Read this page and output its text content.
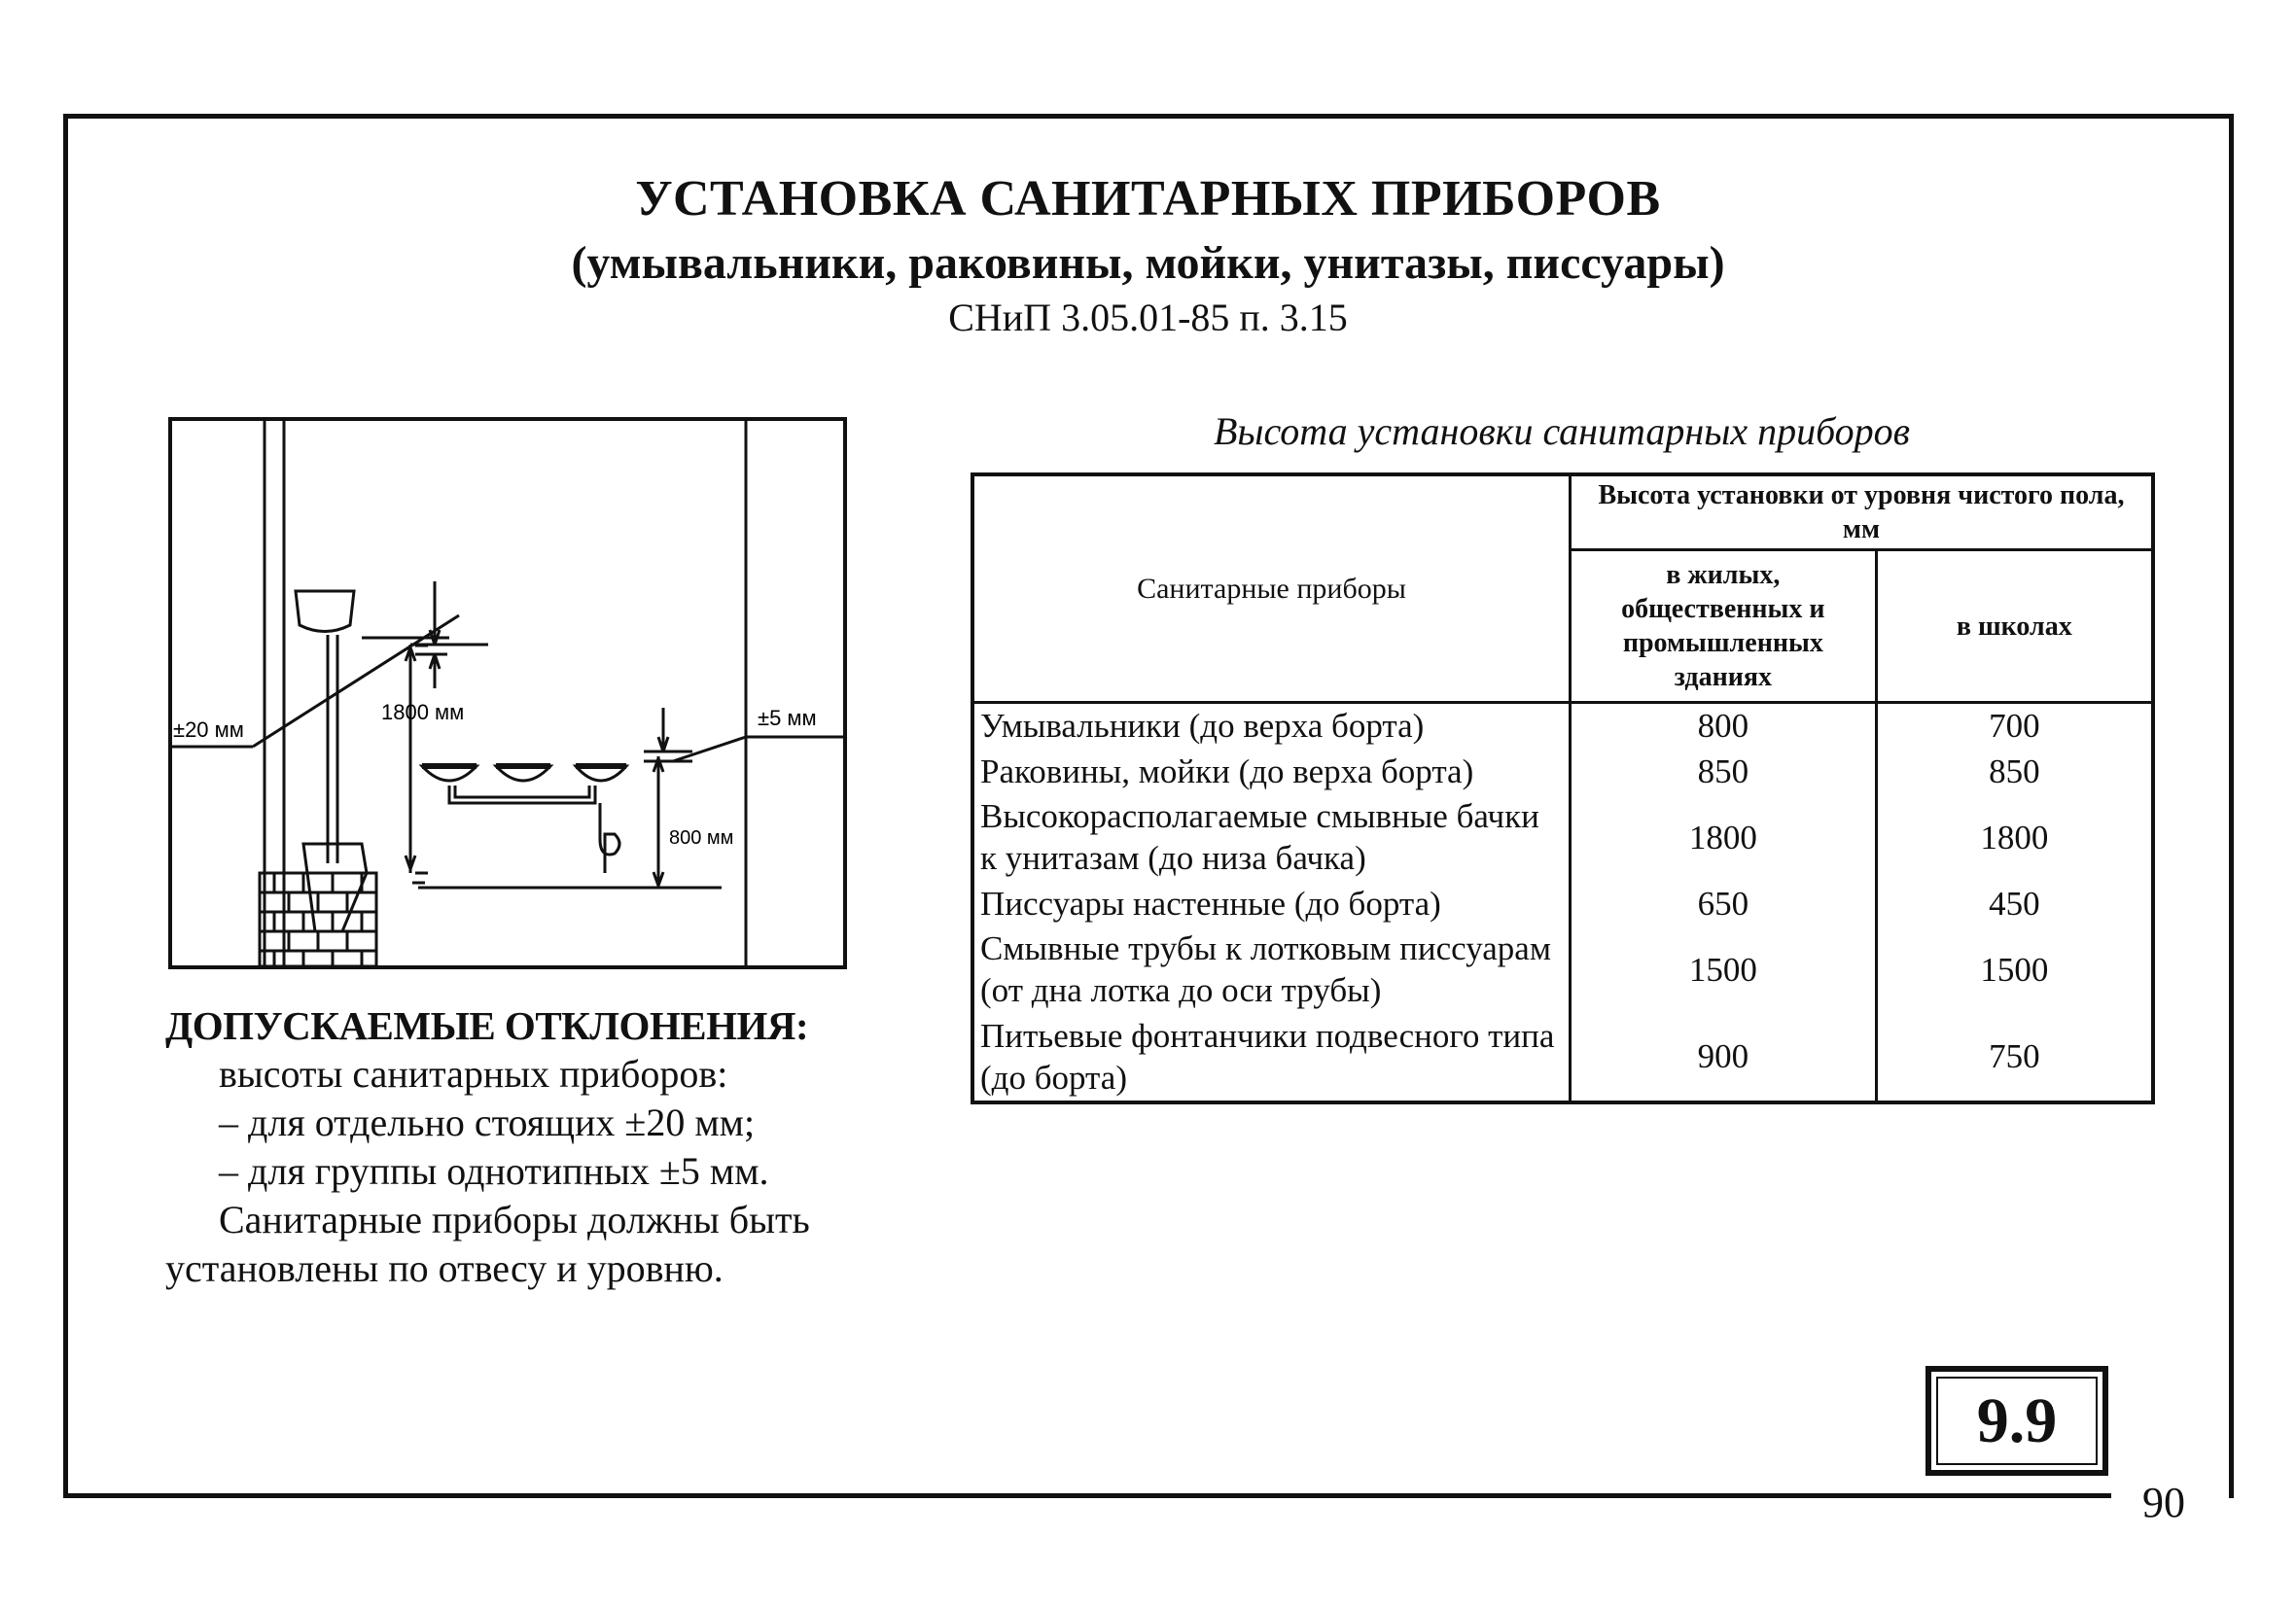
УСТАНОВКА САНИТАРНЫХ ПРИБОРОВ
(умывальники, раковины, мойки, унитазы, писсуары)
СНиП 3.05.01-85 п. 3.15
±20 мм
1800 мм	±5 мм
800 мм
Высота установки санитарных приборов
Санитарные приборы	Высота установки от уровня чистого пола, мм	
	в жилых, общественных и промышленных зданиях	в школах
Умывальники (до верха борта)	800	700
Раковины, мойки (до верха борта)	850	850
Высокорасполагаемые смывные бачки к унитазам (до низа бачка)	1800	1800
Писсуары настенные (до борта)	650	450
Смывные трубы к лотковым писсуарам (от дна лотка до оси трубы)	1500	1500
Питьевые фонтанчики подвесного типа (до борта)	900	750
ДОПУСКАЕМЫЕ ОТКЛОНЕНИЯ:
высоты санитарных приборов:
– для отдельно стоящих ±20 мм;
– для группы однотипных ±5 мм.
Санитарные приборы должны быть
установлены по отвесу и уровню.
9.9
90
